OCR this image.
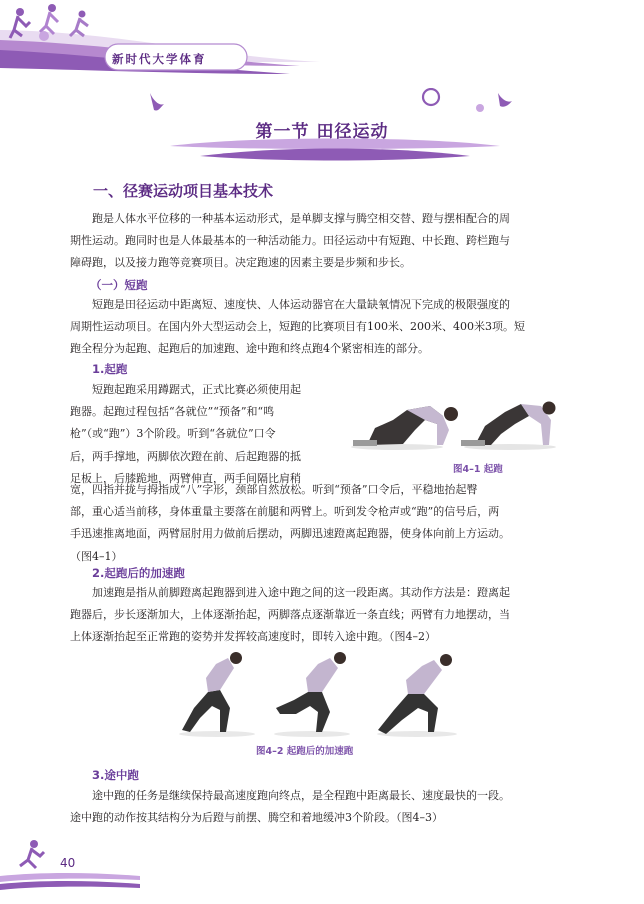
新时代大学体育
第一节 田径运动
一、径赛运动项目基本技术
跑是人体水平位移的一种基本运动形式，是单脚支撑与腾空相交替、蹬与摆相配合的周
期性运动。跑同时也是人体最基本的一种活动能力。田径运动中有短跑、中长跑、跨栏跑与
障碍跑，以及接力跑等竞赛项目。决定跑速的因素主要是步频和步长。
（一）短跑
短跑是田径运动中距离短、速度快、人体运动器官在大量缺氧情况下完成的极限强度的
周期性运动项目。在国内外大型运动会上，短跑的比赛项目有100米、200米、400米3项。短
跑全程分为起跑、起跑后的加速跑、途中跑和终点跑4个紧密相连的部分。
1.起跑
短跑起跑采用蹲踞式，正式比赛必须使用起
跑器。起跑过程包括“各就位”“预备”和“鸣
枪”（或“跑”）3个阶段。听到“各就位”口令
后，两手撑地，两脚依次蹬在前、后起跑器的抵
足板上，后膝跪地，两臂伸直，两手间隔比肩稍
图4–1 起跑
宽，四指并拢与拇指成“八”字形，颈部自然放松。听到“预备”口令后，平稳地抬起臀
部，重心适当前移，身体重量主要落在前腿和两臂上。听到发令枪声或“跑”的信号后，两
手迅速推离地面，两臂屈肘用力做前后摆动，两脚迅速蹬离起跑器，使身体向前上方运动。
（图4–1）
2.起跑后的加速跑
加速跑是指从前脚蹬离起跑器到进入途中跑之间的这一段距离。其动作方法是：蹬离起
跑器后，步长逐渐加大，上体逐渐抬起，两脚落点逐渐靠近一条直线；两臂有力地摆动，当
上体逐渐抬起至正常跑的姿势并发挥较高速度时，即转入途中跑。（图4–2）
图4–2 起跑后的加速跑
3.途中跑
途中跑的任务是继续保持最高速度跑向终点，是全程跑中距离最长、速度最快的一段。
途中跑的动作按其结构分为后蹬与前摆、腾空和着地缓冲3个阶段。（图4–3）
40
